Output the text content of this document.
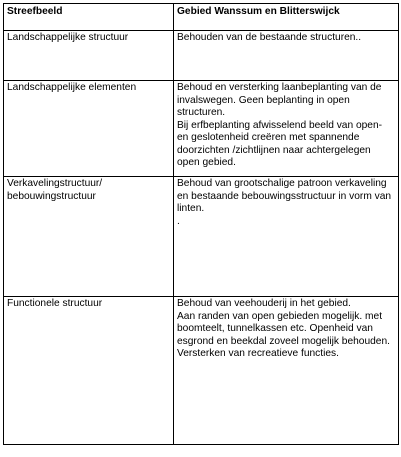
Streefbeeld	Gebied Wanssum en Blitterswijck

Landschappelijke structuur	Behouden van de bestaande structuren..

Landschappelijke elementen	Behoud en versterking laanbeplanting van de invalswegen. Geen beplanting in open structuren.
Bij erfbeplanting afwisselend beeld van open- en geslotenheid creëren met spannende doorzichten /zichtlijnen naar achtergelegen open gebied.

Verkavelingstructuur/
bebouwingstructuur	Behoud van grootschalige patroon verkaveling en bestaande bebouwingsstructuur in vorm van linten.
.

Functionele structuur	Behoud van veehouderij in het gebied.
Aan randen van open gebieden mogelijk. met boomteelt, tunnelkassen etc. Openheid van esgrond en beekdal zoveel mogelijk behouden.
Versterken van recreatieve functies.
